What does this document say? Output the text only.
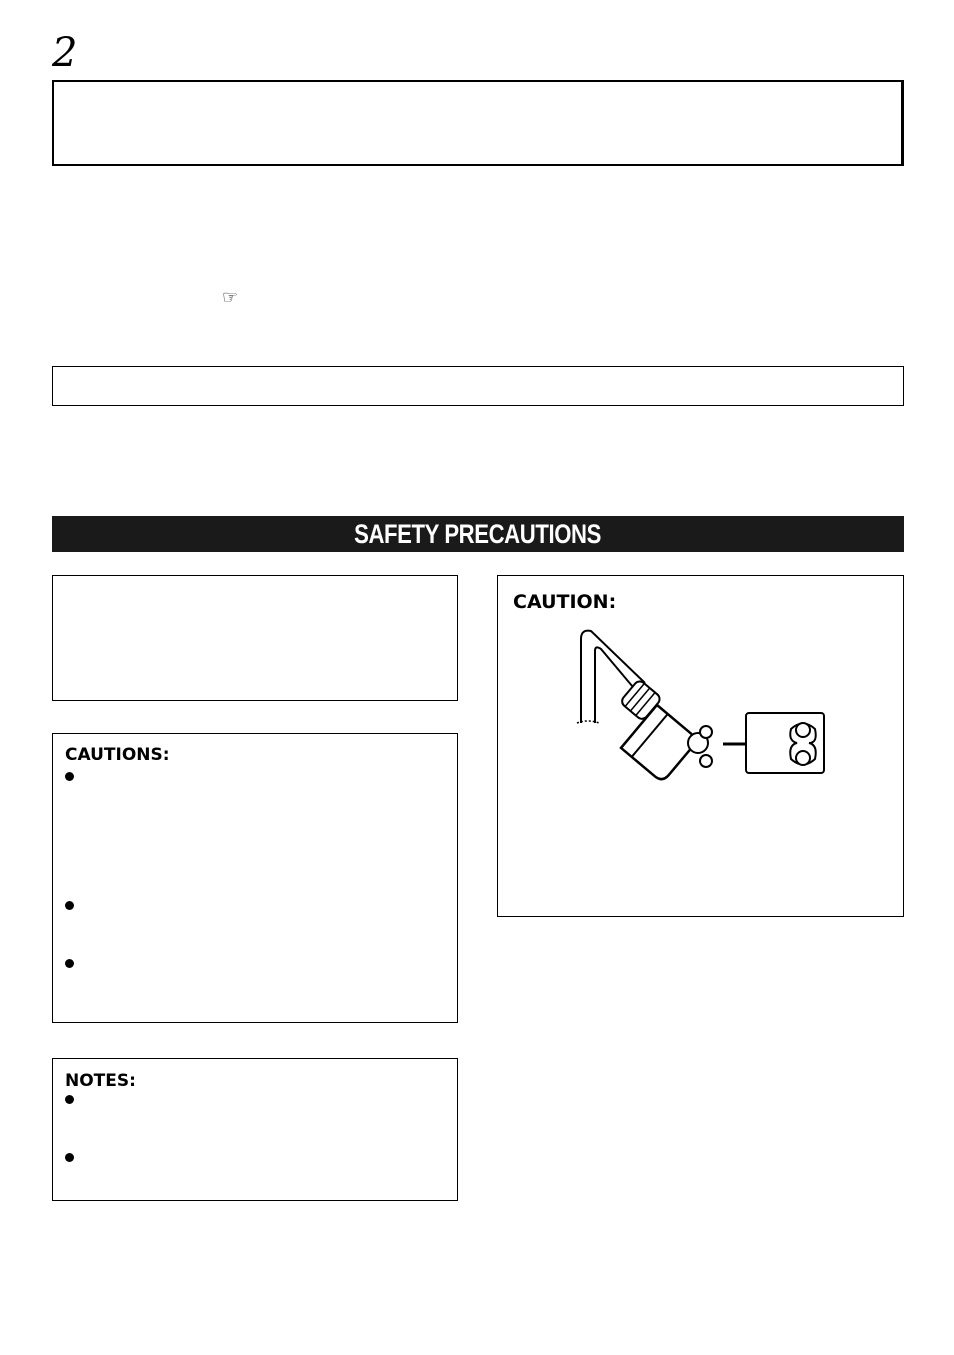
2
☞
SAFETY PRECAUTIONS
CAUTIONS:
NOTES:
CAUTION:
